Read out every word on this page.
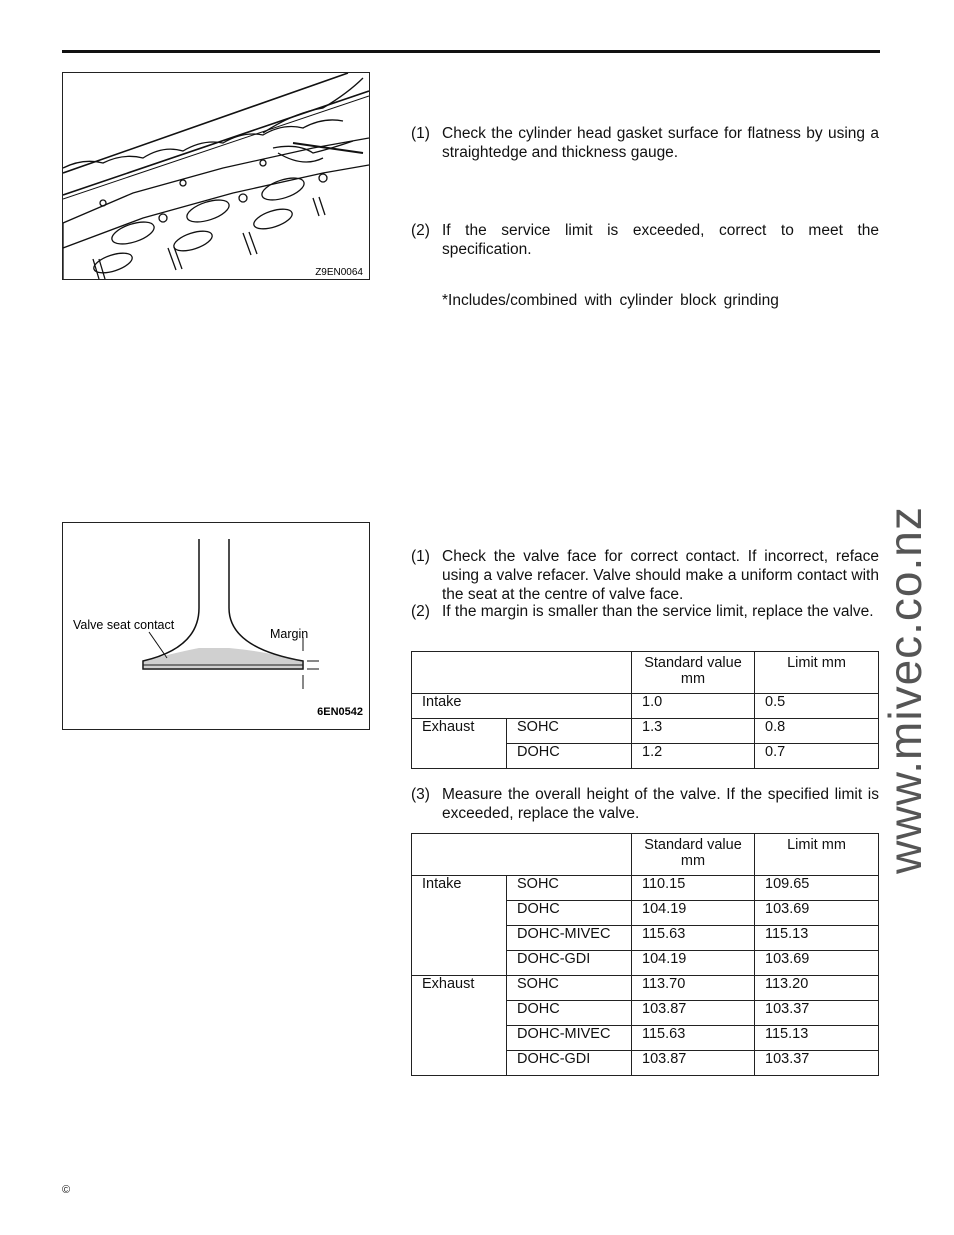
Z9EN0064
(1) Check the cylinder head gasket surface for flatness by using a straightedge and thickness gauge.
(2) If the service limit is exceeded, correct to meet the specification.
*Includes/combined with cylinder block grinding
Valve seat contact
Margin
6EN0542
(1) Check the valve face for correct contact. If incorrect, reface using a valve refacer. Valve should make a uniform contact with the seat at the centre of valve face.
(2) If the margin is smaller than the service limit, replace the valve.
		Standard value mm	Limit mm
Intake		1.0	0.5
Exhaust	SOHC	1.3	0.8
	DOHC	1.2	0.7
(3) Measure the overall height of the valve. If the specified limit is exceeded, replace the valve.
		Standard value mm	Limit mm
Intake	SOHC	110.15	109.65
	DOHC	104.19	103.69
	DOHC-MIVEC	115.63	115.13
	DOHC-GDI	104.19	103.69
Exhaust	SOHC	113.70	113.20
	DOHC	103.87	103.37
	DOHC-MIVEC	115.63	115.13
	DOHC-GDI	103.87	103.37
www.mivec.co.nz
©
